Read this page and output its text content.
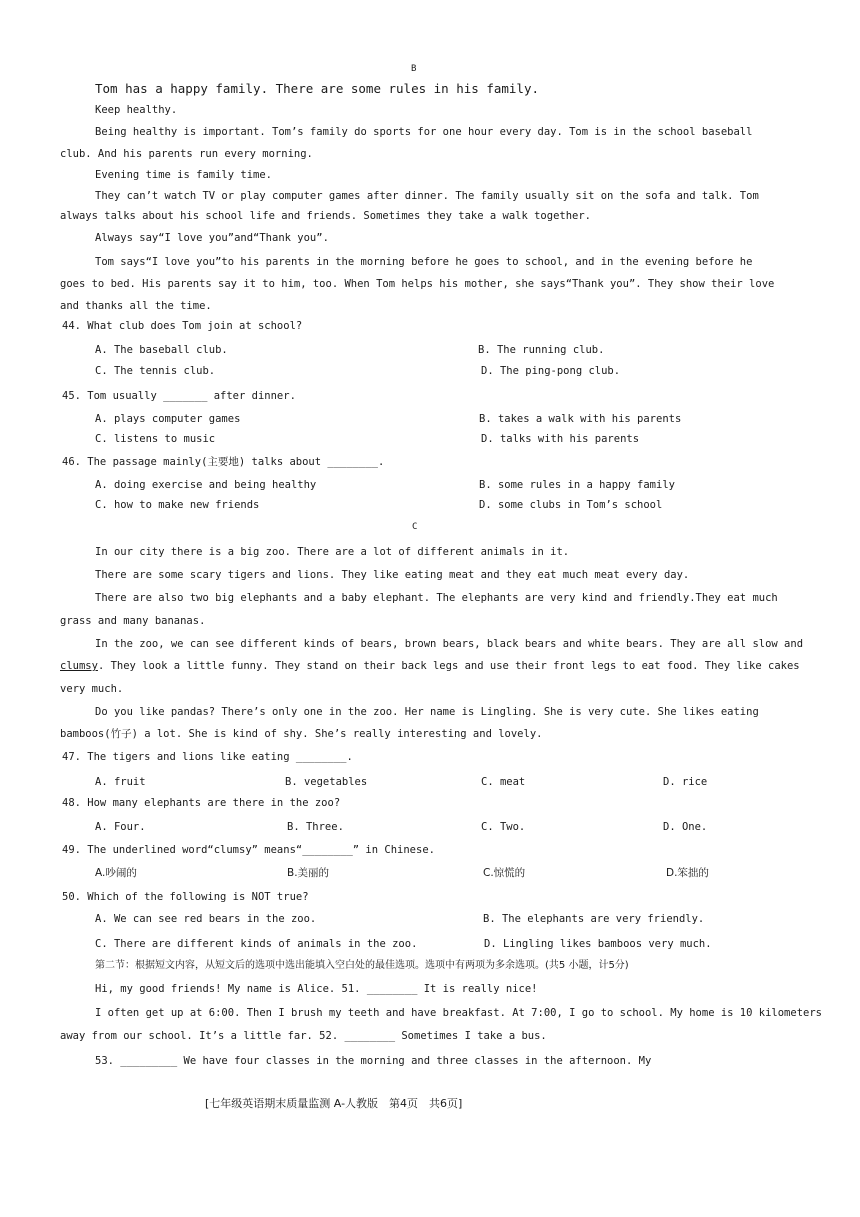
B
Tom has a happy family. There are some rules in his family.
Keep healthy.
Being healthy is important. Tom’s family do sports for one hour every day. Tom is in the school baseball
club. And his parents run every morning.
Evening time is family time.
They can’t watch TV or play computer games after dinner. The family usually sit on the sofa and talk. Tom
always talks about his school life and friends. Sometimes they take a walk together.
Always say“I love you”and“Thank you”.
Tom says“I love you”to his parents in the morning before he goes to school, and in the evening before he
goes to bed. His parents say it to him, too. When Tom helps his mother, she says“Thank you”. They show their love
and thanks all the time.
44. What club does Tom join at school?
A. The baseball club.	B. The running club.
C. The tennis club.	D. The ping-pong club.
45. Tom usually _______ after dinner.
A. plays computer games	B. takes a walk with his parents
C. listens to music	D. talks with his parents
46. The passage mainly(主要地) talks about ________.
A. doing exercise and being healthy	B. some rules in a happy family
C. how to make new friends	D. some clubs in Tom’s school
C
In our city there is a big zoo. There are a lot of different animals in it.
There are some scary tigers and lions. They like eating meat and they eat much meat every day.
There are also two big elephants and a baby elephant. The elephants are very kind and friendly.They eat much
grass and many bananas.
In the zoo, we can see different kinds of bears, brown bears, black bears and white bears. They are all slow and
clumsy. They look a little funny. They stand on their back legs and use their front legs to eat food. They like cakes
very much.
Do you like pandas? There’s only one in the zoo. Her name is Lingling. She is very cute. She likes eating
bamboos(竹子) a lot. She is kind of shy. She’s really interesting and lovely.
47. The tigers and lions like eating ________.
A. fruit	B. vegetables	C. meat	D. rice
48. How many elephants are there in the zoo?
A. Four.	B. Three.	C. Two.	D. One.
49. The underlined word“clumsy” means“________” in Chinese.
A.吵闹的	B.美丽的	C.惊慌的	D.笨拙的
50. Which of the following is NOT true?
A. We can see red bears in the zoo.	B. The elephants are very friendly.
C. There are different kinds of animals in the zoo.	D. Lingling likes bamboos very much.
第二节：根据短文内容，从短文后的选项中选出能填入空白处的最佳选项。选项中有两项为多余选项。(共5 小题，计5分)
Hi, my good friends! My name is Alice. 51. ________ It is really nice!
I often get up at 6:00. Then I brush my teeth and have breakfast. At 7:00, I go to school. My home is 10 kilometers
away from our school. It’s a little far. 52. ________ Sometimes I take a bus.
53. _________ We have four classes in the morning and three classes in the afternoon. My
[七年级英语期末质量监测 A-人教版　第4页　共6页]
